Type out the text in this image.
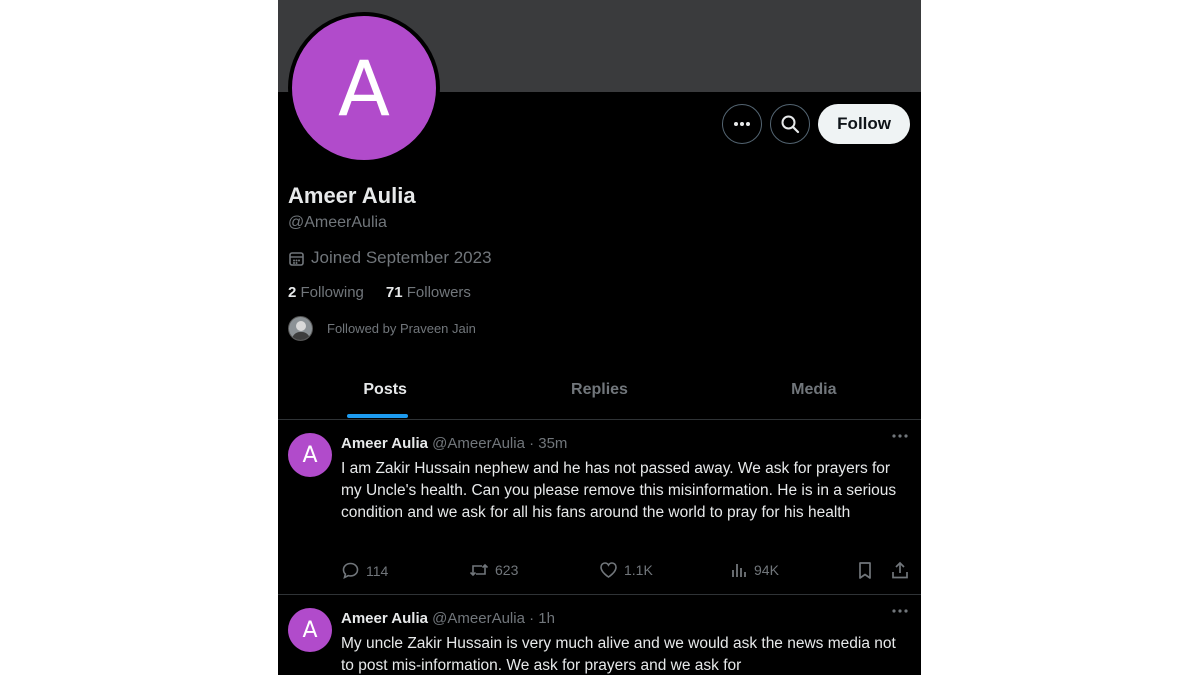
A	Follow
Ameer Aulia
@AmeerAulia
Joined September 2023
2 Following 71 Followers
Followed by Praveen Jain
Posts	Replies	Media
A	Ameer Aulia @AmeerAulia · 35m
I am Zakir Hussain nephew and he has not passed away. We ask for prayers for my Uncle's health. Can you please remove this misinformation. He is in a serious condition and we ask for all his fans around the world to pray for his health
114	623	1.1K	94K
A	Ameer Aulia @AmeerAulia · 1h
My uncle Zakir Hussain is very much alive and we would ask the news media not to post mis-information. We ask for prayers and we ask for
